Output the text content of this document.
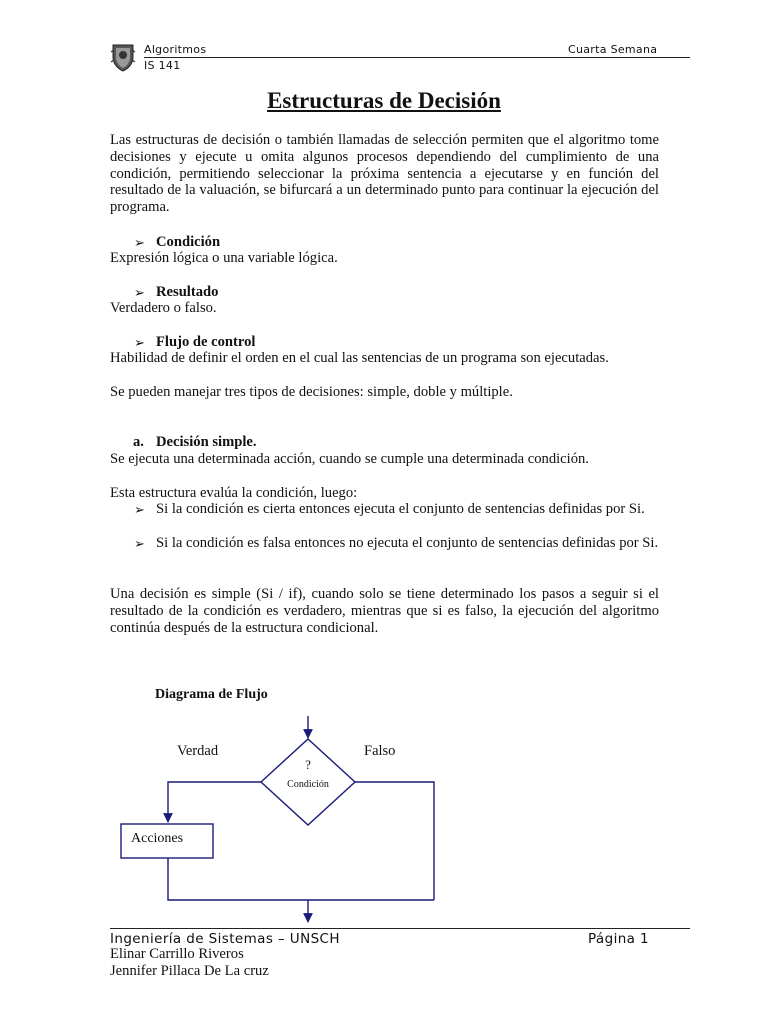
Algoritmos	Cuarta Semana
IS 141
Estructuras de Decisión
Las estructuras de decisión o también llamadas de selección permiten que el algoritmo tome decisiones y ejecute u omita algunos procesos dependiendo del cumplimiento de una condición, permitiendo seleccionar la próxima sentencia a ejecutarse y en función del resultado de la valuación, se bifurcará a un determinado punto para continuar la ejecución del programa.
➢ Condición
Expresión lógica o una variable lógica.
➢ Resultado
Verdadero o falso.
➢ Flujo de control
Habilidad de definir el orden en el cual las sentencias de un programa son ejecutadas.
Se pueden manejar tres tipos de decisiones: simple, doble y múltiple.
a. Decisión simple.
Se ejecuta una determinada acción, cuando se cumple una determinada condición.
Esta estructura evalúa la condición, luego:
➢ Si la condición es cierta entonces ejecuta el conjunto de sentencias definidas por Si.
➢ Si la condición es falsa entonces no ejecuta el conjunto de sentencias definidas por Si.
Una decisión es simple (Si / if), cuando solo se tiene determinado los pasos a seguir si el resultado de la condición es verdadero, mientras que si es falso, la ejecución del algoritmo continúa después de la estructura condicional.
Diagrama de Flujo
Verdad	Falso
?
Condición
Acciones
Ingeniería de Sistemas – UNSCH	Página 1
Elinar Carrillo Riveros
Jennifer Pillaca De La cruz
